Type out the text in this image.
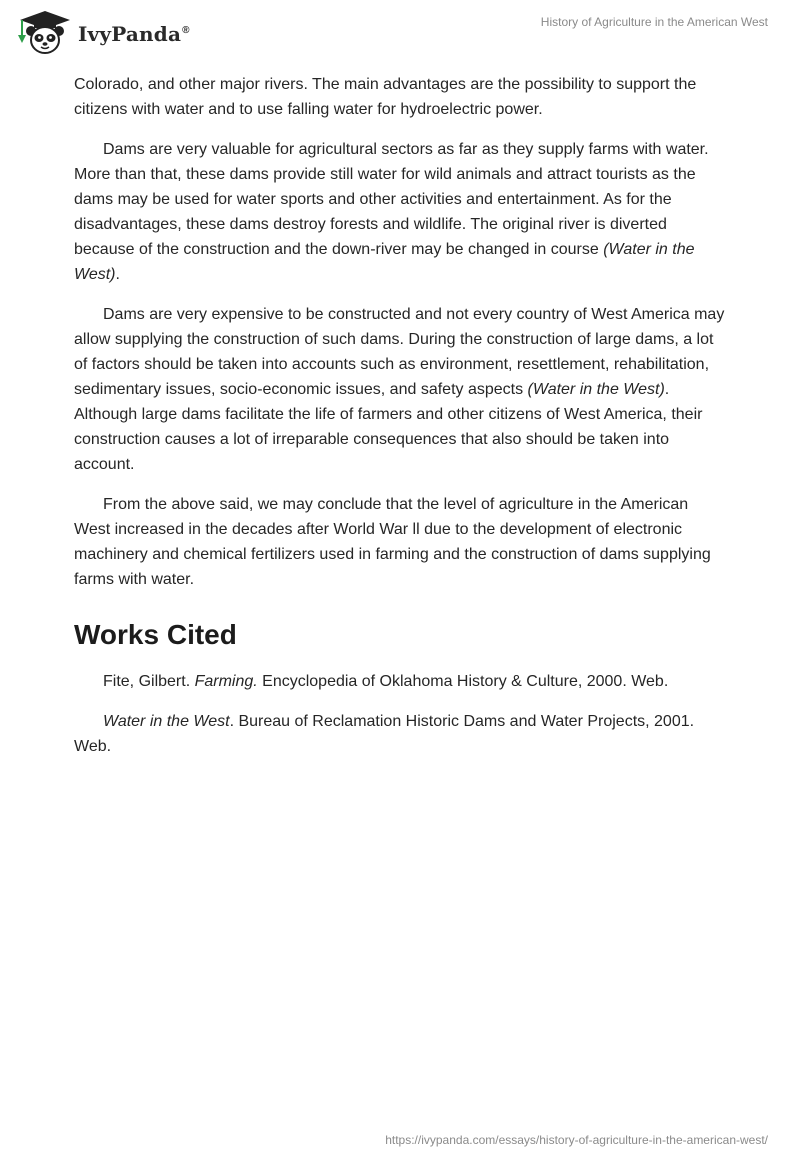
IvyPanda®
History of Agriculture in the American West

Colorado, and other major rivers. The main advantages are the possibility to support the citizens with water and to use falling water for hydroelectric power.

Dams are very valuable for agricultural sectors as far as they supply farms with water. More than that, these dams provide still water for wild animals and attract tourists as the dams may be used for water sports and other activities and entertainment. As for the disadvantages, these dams destroy forests and wildlife. The original river is diverted because of the construction and the down-river may be changed in course (Water in the West).

Dams are very expensive to be constructed and not every country of West America may allow supplying the construction of such dams. During the construction of large dams, a lot of factors should be taken into accounts such as environment, resettlement, rehabilitation, sedimentary issues, socio-economic issues, and safety aspects (Water in the West). Although large dams facilitate the life of farmers and other citizens of West America, their construction causes a lot of irreparable consequences that also should be taken into account.

From the above said, we may conclude that the level of agriculture in the American West increased in the decades after World War ll due to the development of electronic machinery and chemical fertilizers used in farming and the construction of dams supplying farms with water.

Works Cited

Fite, Gilbert. Farming. Encyclopedia of Oklahoma History & Culture, 2000. Web.

Water in the West. Bureau of Reclamation Historic Dams and Water Projects, 2001. Web.

https://ivypanda.com/essays/history-of-agriculture-in-the-american-west/
